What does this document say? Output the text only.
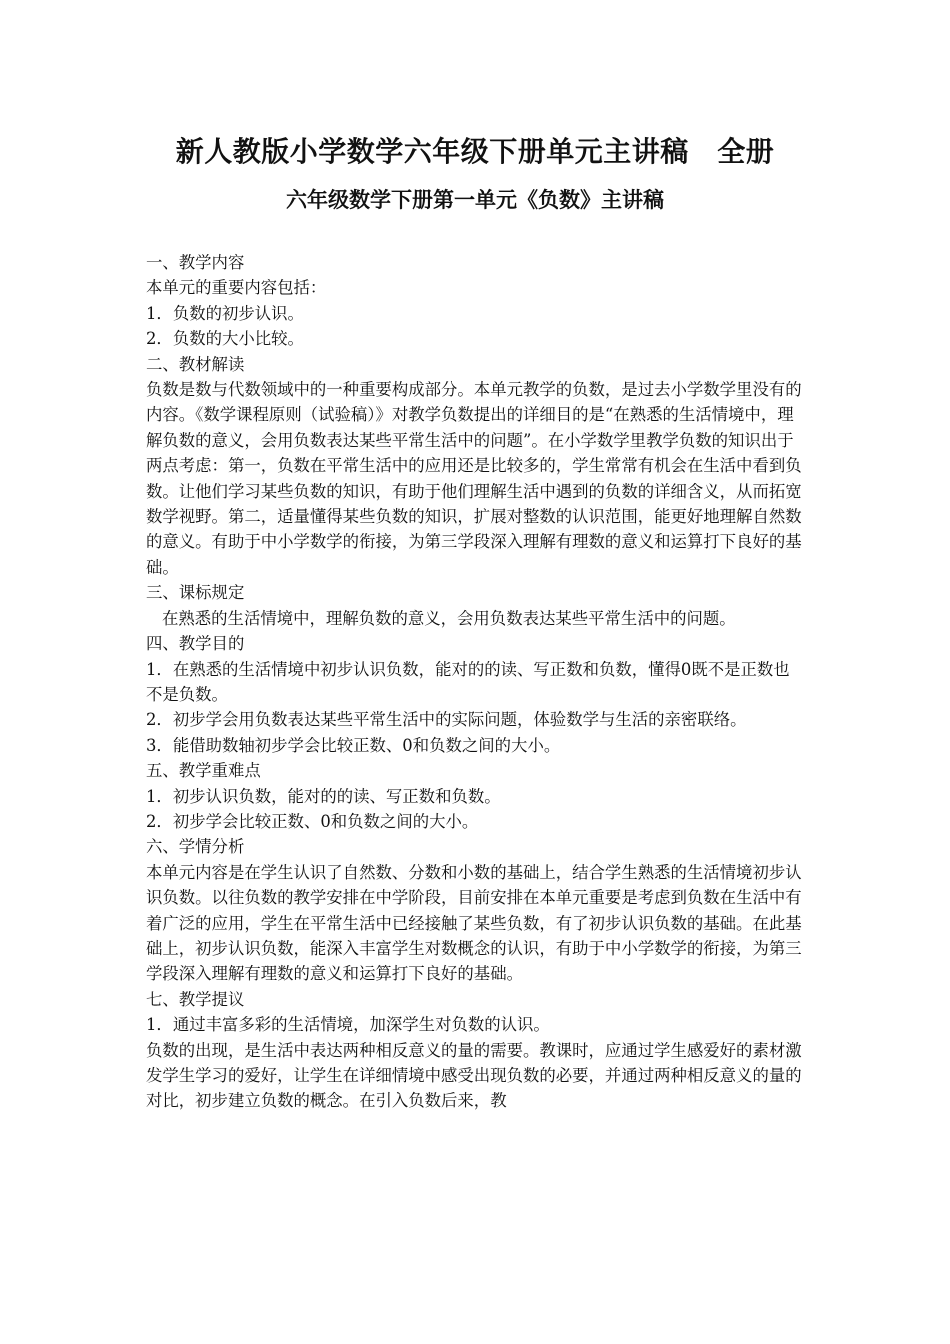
新人教版小学数学六年级下册单元主讲稿　全册
六年级数学下册第一单元《负数》主讲稿

一、教学内容

本单元的重要内容包括：

1．负数的初步认识。

2．负数的大小比较。

二、教材解读

负数是数与代数领域中的一种重要构成部分。本单元教学的负数，是过去小学数学里没有的内容。《数学课程原则（试验稿）》对教学负数提出的详细目的是“在熟悉的生活情境中，理解负数的意义，会用负数表达某些平常生活中的问题”。在小学数学里教学负数的知识出于两点考虑：第一，负数在平常生活中的应用还是比较多的，学生常常有机会在生活中看到负数。让他们学习某些负数的知识，有助于他们理解生活中遇到的负数的详细含义，从而拓宽数学视野。第二，适量懂得某些负数的知识，扩展对整数的认识范围，能更好地理解自然数的意义。有助于中小学数学的衔接，为第三学段深入理解有理数的意义和运算打下良好的基础。

三、课标规定

在熟悉的生活情境中，理解负数的意义，会用负数表达某些平常生活中的问题。

四、教学目的

1．在熟悉的生活情境中初步认识负数，能对的的读、写正数和负数，懂得0既不是正数也不是负数。

2．初步学会用负数表达某些平常生活中的实际问题，体验数学与生活的亲密联络。

3．能借助数轴初步学会比较正数、0和负数之间的大小。

五、教学重难点

1．初步认识负数，能对的的读、写正数和负数。

2．初步学会比较正数、0和负数之间的大小。

六、学情分析

本单元内容是在学生认识了自然数、分数和小数的基础上，结合学生熟悉的生活情境初步认识负数。以往负数的教学安排在中学阶段，目前安排在本单元重要是考虑到负数在生活中有着广泛的应用，学生在平常生活中已经接触了某些负数，有了初步认识负数的基础。在此基础上，初步认识负数，能深入丰富学生对数概念的认识，有助于中小学数学的衔接，为第三学段深入理解有理数的意义和运算打下良好的基础。

七、教学提议

1．通过丰富多彩的生活情境，加深学生对负数的认识。

负数的出现，是生活中表达两种相反意义的量的需要。教课时，应通过学生感爱好的素材激发学生学习的爱好，让学生在详细情境中感受出现负数的必要，并通过两种相反意义的量的对比，初步建立负数的概念。在引入负数后来，教
